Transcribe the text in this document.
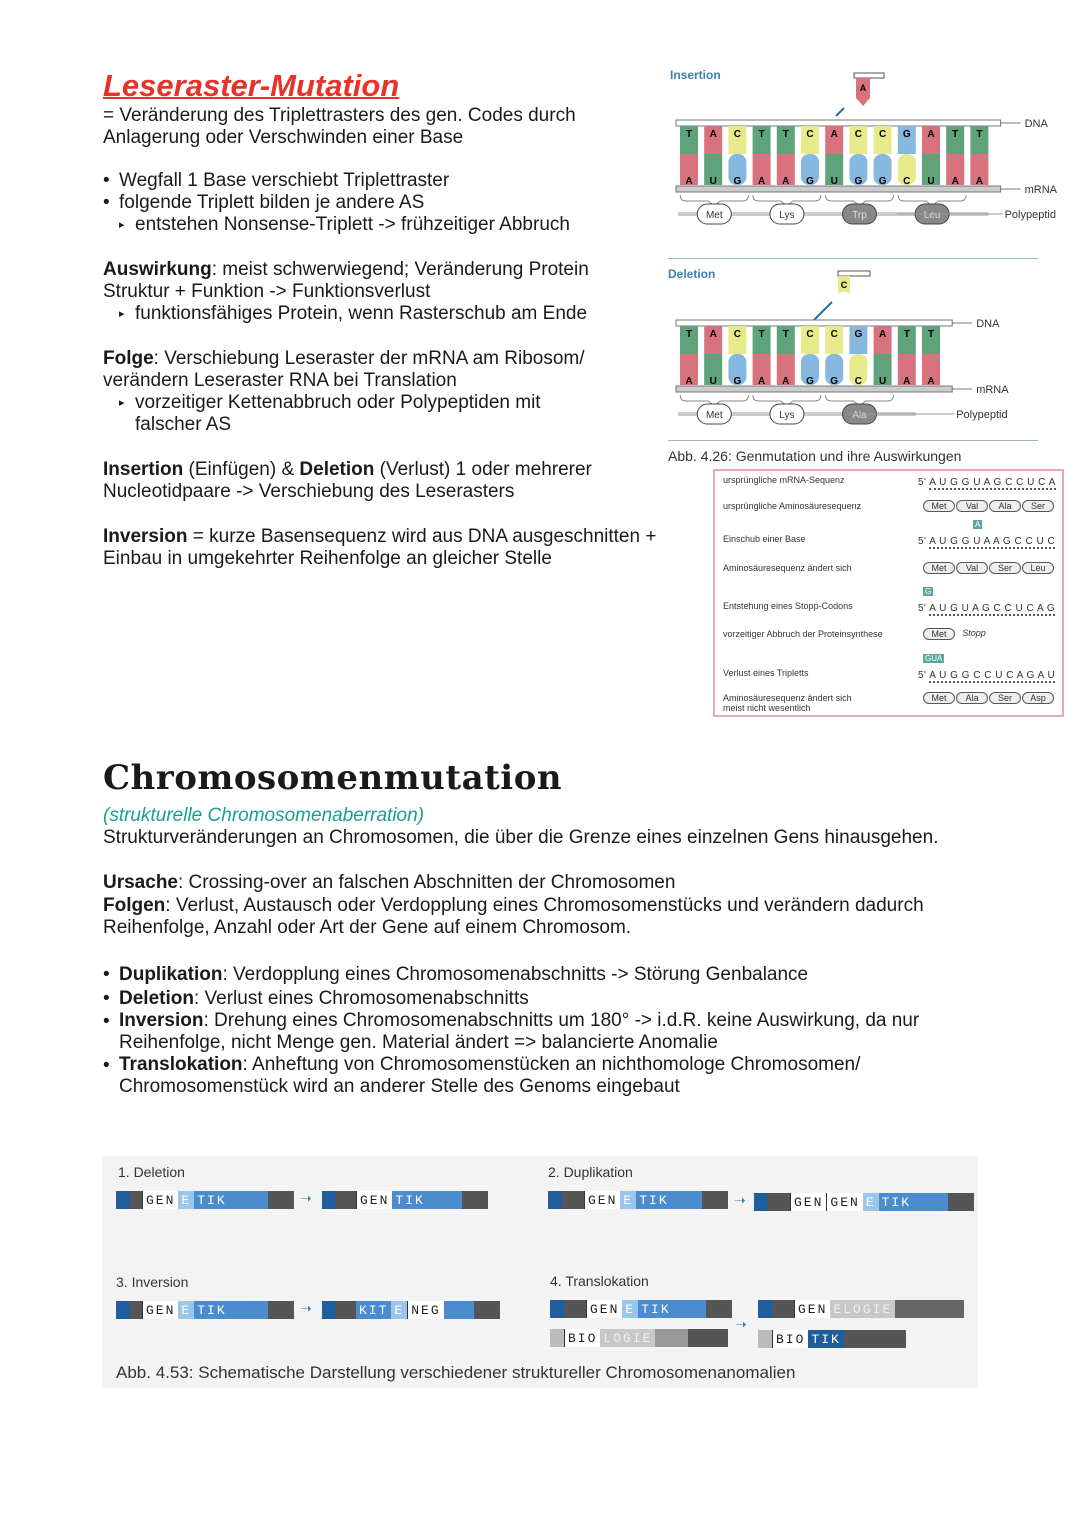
Leseraster-Mutation
= Veränderung des Triplettrasters des gen. Codes durch
Anlagerung oder Verschwinden einer Base
• Wegfall 1 Base verschiebt Triplettraster
• folgende Triplett bilden je andere AS
▸ entstehen Nonsense-Triplett -> frühzeitiger Abbruch
Auswirkung: meist schwerwiegend; Veränderung Protein
Struktur + Funktion -> Funktionsverlust
▸ funktionsfähiges Protein, wenn Rasterschub am Ende
Folge: Verschiebung Leseraster der mRNA am Ribosom/
verändern Leseraster RNA bei Translation
▸ vorzeitiger Kettenabbruch oder Polypeptiden mit
falscher AS
Insertion (Einfügen) & Deletion (Verlust) 1 oder mehrerer
Nucleotidpaare -> Verschiebung des Leserasters
Inversion = kurze Basensequenz wird aus DNA ausgeschnitten +
Einbau in umgekehrter Reihenfolge an gleicher Stelle
Insertion
A
DNA
mRNA
T
A
A
U
C
G
T
A
T
A
C
G
A
U
C
G
C
G
G
C
A
U
T
A
T
A
Met	Lys	Trp	Leu	Polypeptid
Deletion
C
DNA
mRNA
T
A
A
U
C
G
T
A
T
A
C
G
C
G
G
C
A
U
T
A
T
A
Met	Lys	Ala	Polypeptid
Abb. 4.26: Genmutation und ihre Auswirkungen
ursprüngliche mRNA-Sequenz	5' A U G G U A G C C U C A
ursprüngliche Aminosäuresequenz	Met	Val	Ala	Ser
Einschub einer Base	5' A U G G U A A G C C U C
A
Aminosäuresequenz ändert sich	Met	Val	Ser	Leu
Entstehung eines Stopp-Codons	5' A U G U A G C C U C A G
G
vorzeitiger Abbruch der Proteinsynthese	Met	Stopp
Verlust eines Tripletts	5' A U G G C C U C A G A U
GUA
Aminosäuresequenz ändert sich
meist nicht wesentlich
Met	Ala	Ser	Asp
Chromosomenmutation
(strukturelle Chromosomenaberration)
Strukturveränderungen an Chromosomen, die über die Grenze eines einzelnen Gens hinausgehen.
Ursache: Crossing-over an falschen Abschnitten der Chromosomen
Folgen: Verlust, Austausch oder Verdopplung eines Chromosomenstücks und verändern dadurch
Reihenfolge, Anzahl oder Art der Gene auf einem Chromosom.
• Duplikation: Verdopplung eines Chromosomenabschnitts -> Störung Genbalance
• Deletion: Verlust eines Chromosomenabschnitts
• Inversion: Drehung eines Chromosomenabschnitts um 180° -> i.d.R. keine Auswirkung, da nur
Reihenfolge, nicht Menge gen. Material ändert => balancierte Anomalie
• Translokation: Anheftung von Chromosomenstücken an nichthomologe Chromosomen/
Chromosomenstück wird an anderer Stelle des Genoms eingebaut
1. Deletion	2. Duplikation
3. Inversion	4. Translokation
GEN E TIK	➝	GEN TIK	GEN E TIK	➝	GEN GEN E TIK
GEN E TIK	➝	KIT E NEG	GEN E TIK
BIO LOGIE
➝
GEN ELOGIE
BIO TIK
Abb. 4.53: Schematische Darstellung verschiedener struktureller Chromosomenanomalien
